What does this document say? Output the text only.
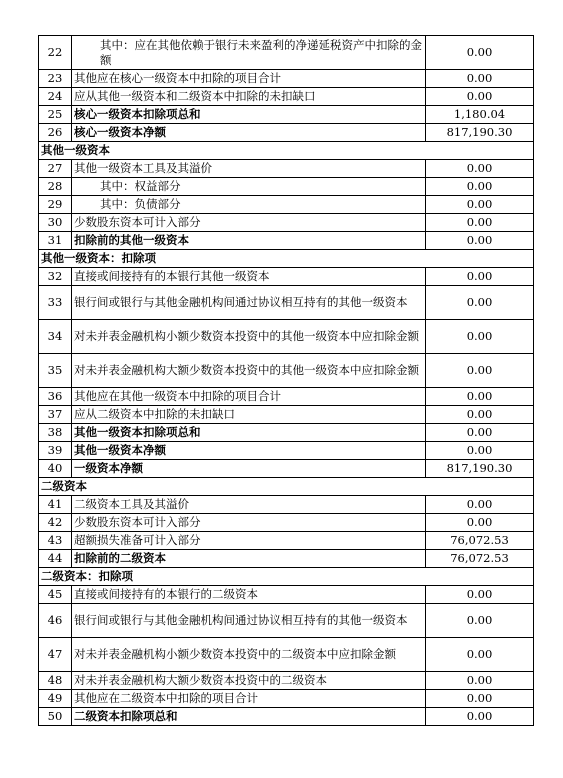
22	其中：应在其他依赖于银行未来盈利的净递延税资产中扣除的金额	0.00
23	其他应在核心一级资本中扣除的项目合计	0.00
24	应从其他一级资本和二级资本中扣除的未扣缺口	0.00
25	核心一级资本扣除项总和	1,180.04
26	核心一级资本净额	817,190.30
其他一级资本		
27	其他一级资本工具及其溢价	0.00
28	其中：权益部分	0.00
29	其中：负债部分	0.00
30	少数股东资本可计入部分	0.00
31	扣除前的其他一级资本	0.00
其他一级资本：扣除项		
32	直接或间接持有的本银行其他一级资本	0.00
33	银行间或银行与其他金融机构间通过协议相互持有的其他一级资本	0.00
34	对未并表金融机构小额少数资本投资中的其他一级资本中应扣除金额	0.00
35	对未并表金融机构大额少数资本投资中的其他一级资本中应扣除金额	0.00
36	其他应在其他一级资本中扣除的项目合计	0.00
37	应从二级资本中扣除的未扣缺口	0.00
38	其他一级资本扣除项总和	0.00
39	其他一级资本净额	0.00
40	一级资本净额	817,190.30
二级资本		
41	二级资本工具及其溢价	0.00
42	少数股东资本可计入部分	0.00
43	超额损失准备可计入部分	76,072.53
44	扣除前的二级资本	76,072.53
二级资本：扣除项		
45	直接或间接持有的本银行的二级资本	0.00
46	银行间或银行与其他金融机构间通过协议相互持有的其他一级资本	0.00
47	对未并表金融机构小额少数资本投资中的二级资本中应扣除金额	0.00
48	对未并表金融机构大额少数资本投资中的二级资本	0.00
49	其他应在二级资本中扣除的项目合计	0.00
50	二级资本扣除项总和	0.00
